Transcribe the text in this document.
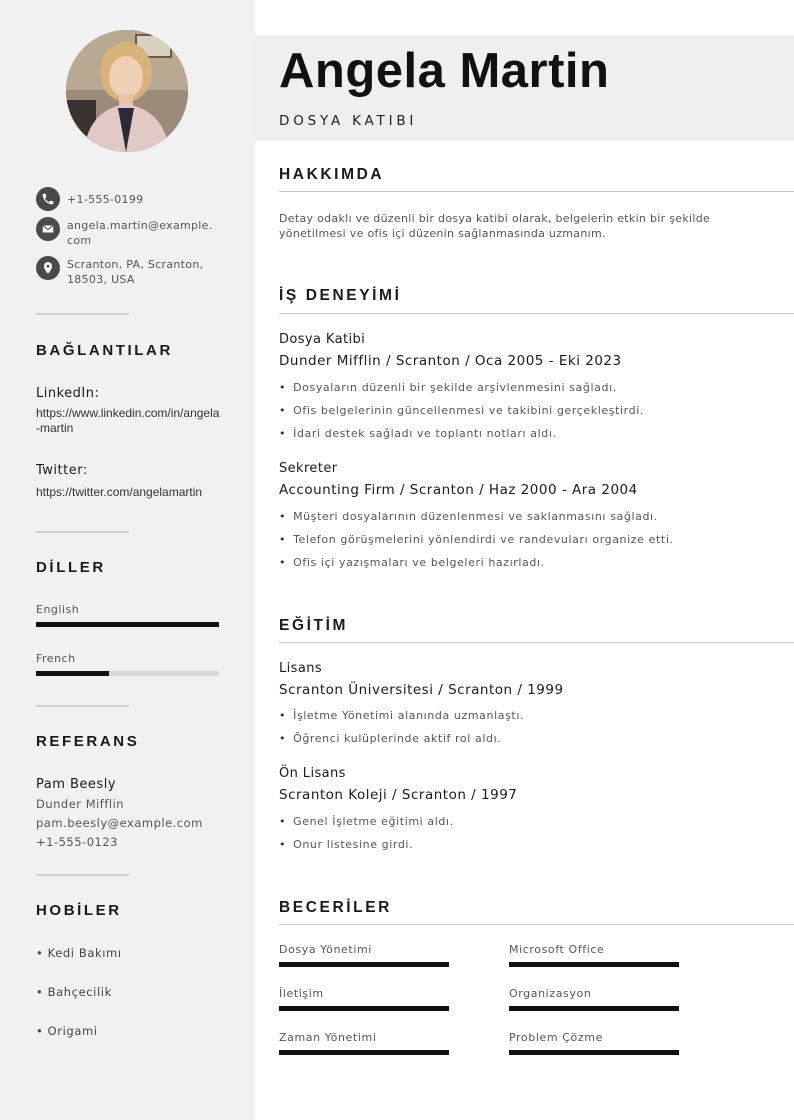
+1-555-0199
angela.martin@example.com
Scranton, PA, Scranton, 18503, USA
BAĞLANTILAR
LinkedIn:
https://www.linkedin.com/in/angela-martin
Twitter:
https://twitter.com/angelamartin
DİLLER
English
French
REFERANS
Pam Beesly
Dunder Mifflin
pam.beesly@example.com
+1-555-0123
HOBİLER
• Kedi Bakımı
• Bahçecilik
• Origami
Angela Martin
DOSYA KATIBI
HAKKIMDA
Detay odaklı ve düzenli bir dosya katibi olarak, belgelerin etkin bir şekilde yönetilmesi ve ofis içi düzenin sağlanmasında uzmanım.
İŞ DENEYİMİ
Dosya Katibi
Dunder Mifflin / Scranton / Oca 2005 - Eki 2023
• Dosyaların düzenli bir şekilde arşivlenmesini sağladı.
• Ofis belgelerinin güncellenmesi ve takibini gerçekleştirdi.
• İdari destek sağladı ve toplantı notları aldı.
Sekreter
Accounting Firm / Scranton / Haz 2000 - Ara 2004
• Müşteri dosyalarının düzenlenmesi ve saklanmasını sağladı.
• Telefon görüşmelerini yönlendirdi ve randevuları organize etti.
• Ofis içi yazışmaları ve belgeleri hazırladı.
EĞİTİM
Lisans
Scranton Üniversitesi / Scranton / 1999
• İşletme Yönetimi alanında uzmanlaştı.
• Öğrenci kulüplerinde aktif rol aldı.
Ön Lisans
Scranton Koleji / Scranton / 1997
• Genel İşletme eğitimi aldı.
• Onur listesine girdi.
BECERİLER
Dosya Yönetimi	Microsoft Office
İletişim	Organizasyon
Zaman Yönetimi	Problem Çözme
